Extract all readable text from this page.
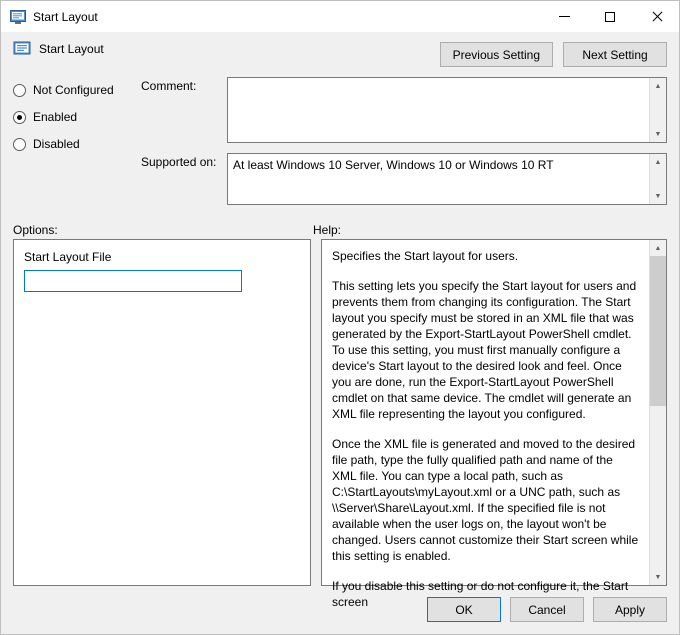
Start Layout
Start Layout	Previous Setting	Next Setting
Not Configured
Enabled
Disabled
Comment:	▲
▼
Supported on:	At least Windows 10 Server, Windows 10 or Windows 10 RT	▲
▼
Options:	Help:
Start Layout File	Specifies the Start layout for users.

This setting lets you specify the Start layout for users and prevents them from changing its configuration. The Start layout you specify must be stored in an XML file that was generated by the Export-StartLayout PowerShell cmdlet. To use this setting, you must first manually configure a device's Start layout to the desired look and feel. Once you are done, run the Export-StartLayout PowerShell cmdlet on that same device. The cmdlet will generate an XML file representing the layout you configured.

Once the XML file is generated and moved to the desired file path, type the fully qualified path and name of the XML file. You can type a local path, such as C:\StartLayouts\myLayout.xml or a UNC path, such as \\Server\Share\Layout.xml. If the specified file is not available when the user logs on, the layout won't be changed. Users cannot customize their Start screen while this setting is enabled.

If you disable this setting or do not configure it, the Start screen

▲
▼
OK	Cancel	Apply
